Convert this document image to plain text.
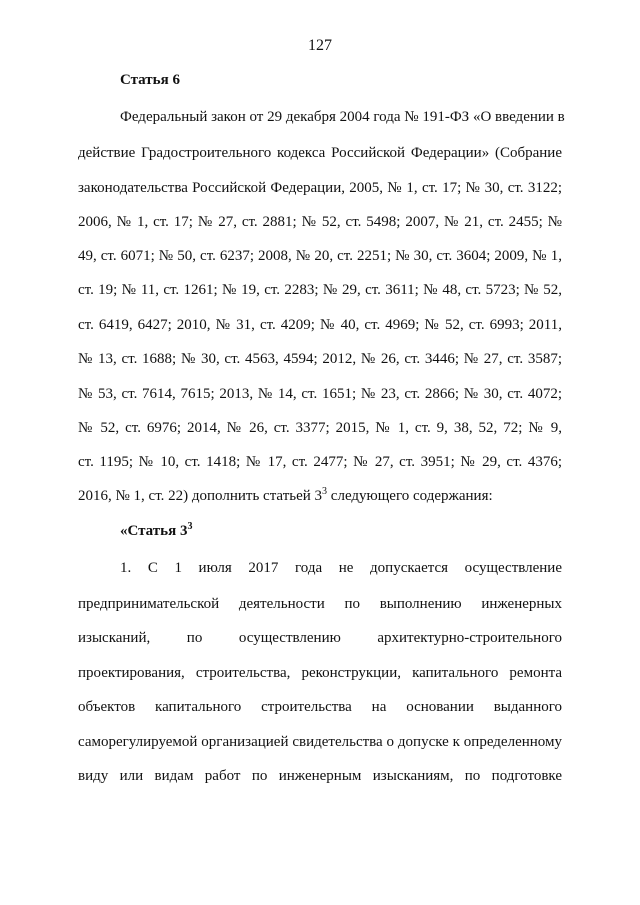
127
Статья 6
Федеральный закон от 29 декабря 2004 года № 191-ФЗ «О введении в
действие Градостроительного кодекса Российской Федерации» (Собрание
законодательства Российской Федерации, 2005, № 1, ст. 17; № 30, ст. 3122;
2006, № 1, ст. 17; № 27, ст. 2881; № 52, ст. 5498; 2007, № 21, ст. 2455; №
49, ст. 6071; № 50, ст. 6237; 2008, № 20, ст. 2251; № 30, ст. 3604; 2009, № 1,
ст. 19; № 11, ст. 1261; № 19, ст. 2283; № 29, ст. 3611; № 48, ст. 5723; № 52,
ст. 6419, 6427; 2010, № 31, ст. 4209; № 40, ст. 4969; № 52, ст. 6993; 2011,
№ 13, ст. 1688; № 30, ст. 4563, 4594; 2012, № 26, ст. 3446; № 27, ст. 3587;
№ 53, ст. 7614, 7615; 2013, № 14, ст. 1651; № 23, ст. 2866; № 30, ст. 4072;
№ 52, ст. 6976; 2014, № 26, ст. 3377; 2015, № 1, ст. 9, 38, 52, 72; № 9,
ст. 1195; № 10, ст. 1418; № 17, ст. 2477; № 27, ст. 3951; № 29, ст. 4376;
2016, № 1, ст. 22) дополнить статьей $3^3$ следующего содержания:
«Статья $3^3$
1. С 1 июля 2017 года не допускается осуществление
предпринимательской деятельности по выполнению инженерных
изысканий, по осуществлению архитектурно-строительного
проектирования, строительства, реконструкции, капитального ремонта
объектов капитального строительства на основании выданного
саморегулируемой организацией свидетельства о допуске к определенному
виду или видам работ по инженерным изысканиям, по подготовке
